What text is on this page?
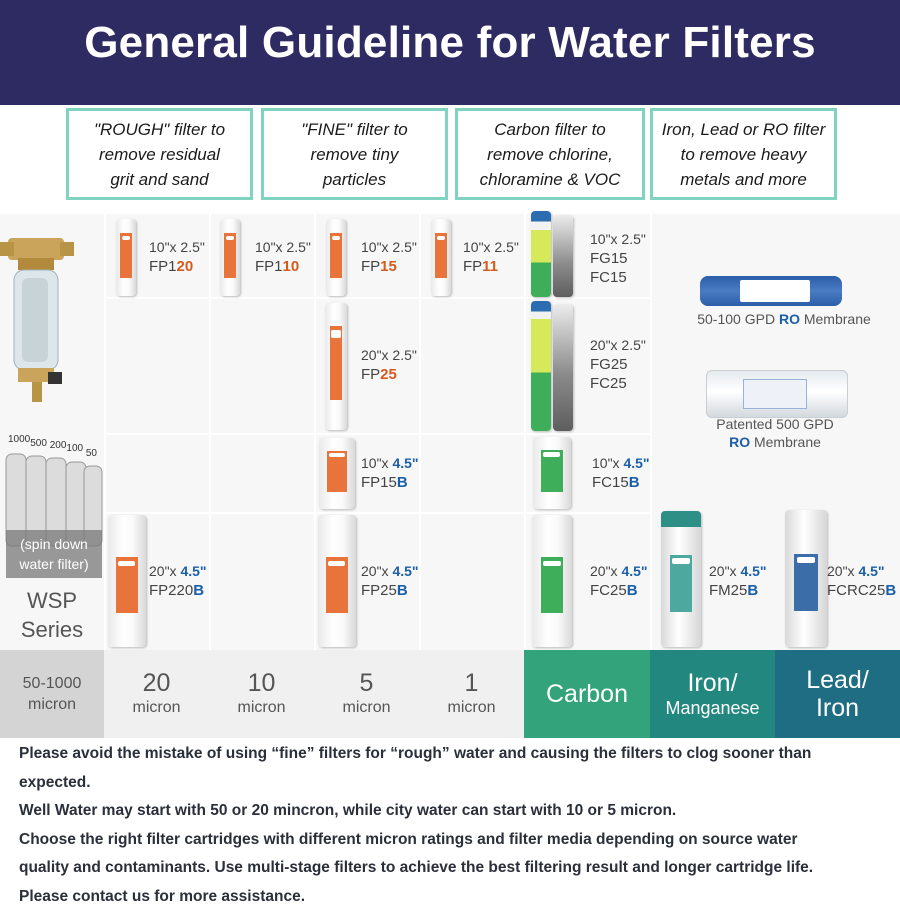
General Guideline for Water Filters
"ROUGH" filter to
remove residual
grit and sand
"FINE" filter to
remove tiny
particles
Carbon filter to
remove chlorine,
chloramine & VOC
Iron, Lead or RO filter
to remove heavy
metals and more
1000500 200100 50
(spin down
water filter)
WSP
Series
10"x 2.5"
FP120
10"x 2.5"
FP110
10"x 2.5"
FP15
10"x 2.5"
FP11
10"x 2.5"
FG15
FC15
20"x 2.5"
FP25
20"x 2.5"
FG25
FC25
10"x 4.5"
FP15B
10"x 4.5"
FC15B
20"x 4.5"
FP220B
20"x 4.5"
FP25B
20"x 4.5"
FC25B
20"x 4.5"
FM25B
20"x 4.5"
FCRC25B
50-100 GPD RO Membrane
Patented 500 GPD
RO Membrane
50-1000
micron
20
micron
10
micron
5
micron
1
micron Carbon Iron/
Manganese
Lead/
Iron
Please avoid the mistake of using “fine” filters for “rough” water and causing the filters to clog sooner than
expected.
Well Water may start with 50 or 20 mincron, while city water can start with 10 or 5 micron.
Choose the right filter cartridges with different micron ratings and filter media depending on source water
quality and contaminants. Use multi-stage filters to achieve the best filtering result and longer cartridge life.
Please contact us for more assistance.
